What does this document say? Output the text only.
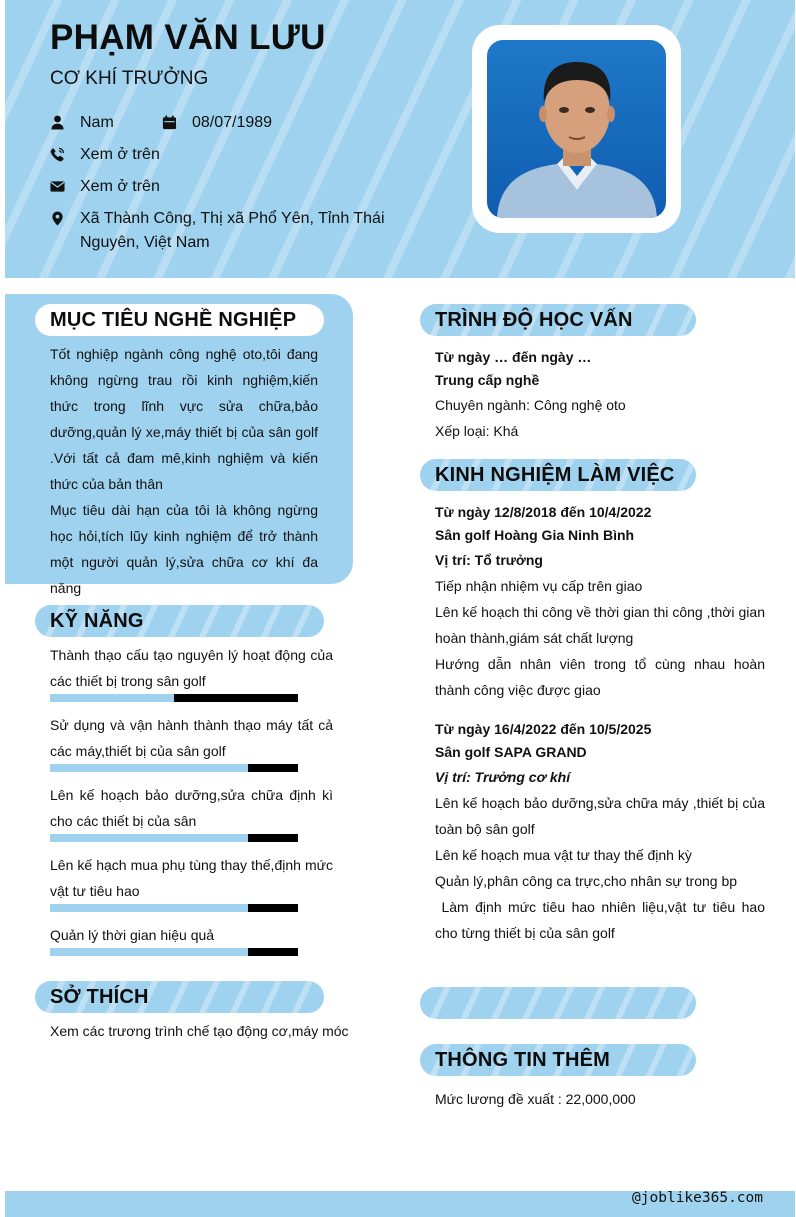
PHẠM VĂN LƯU
CƠ KHÍ TRƯỞNG
Nam	08/07/1989
Xem ở trên
Xem ở trên
Xã Thành Công, Thị xã Phổ Yên, Tỉnh Thái Nguyên, Việt Nam
MỤC TIÊU NGHỀ NGHIỆP
Tốt nghiệp ngành công nghệ oto,tôi đang không ngừng trau rồi kinh nghiệm,kiến thức trong lĩnh vực sửa chữa,bảo dưỡng,quản lý xe,máy thiết bị của sân golf .Với tất cả đam mê,kinh nghiệm và kiến thức của bản thân
Mục tiêu dài hạn của tôi là không ngừng học hỏi,tích lũy kinh nghiệm để trở thành một người quản lý,sửa chữa cơ khí đa năng
KỸ NĂNG
Thành thạo cấu tạo nguyên lý hoạt động của các thiết bị trong sân golf
Sử dụng và vận hành thành thạo máy tất cả các máy,thiết bị của sân golf
Lên kế hoạch bảo dưỡng,sửa chữa định kì cho các thiết bị của sân
Lên kế hạch mua phụ tùng thay thế,định mức vật tư tiêu hao
Quản lý thời gian hiệu quả
SỞ THÍCH
Xem các trương trình chế tạo động cơ,máy móc
TRÌNH ĐỘ HỌC VẤN
Từ ngày … đến ngày …
Trung cấp nghề
Chuyên ngành: Công nghệ oto
Xếp loại: Khá
KINH NGHIỆM LÀM VIỆC
Từ ngày 12/8/2018 đến 10/4/2022
Sân golf Hoàng Gia Ninh Bình
Vị trí: Tổ trưởng
Tiếp nhận nhiệm vụ cấp trên giao
Lên kế hoạch thi công về thời gian thi công ,thời gian hoàn thành,giám sát chất lượng
Hướng dẫn nhân viên trong tổ cùng nhau hoàn thành công việc được giao
Từ ngày 16/4/2022 đến 10/5/2025
Sân golf SAPA GRAND
Vị trí: Trưởng cơ khí
Lên kế hoạch bảo dưỡng,sửa chữa máy ,thiết bị của toàn bộ sân golf
Lên kế hoạch mua vật tư thay thế định kỳ
Quản lý,phân công ca trực,cho nhân sự trong bp
Làm định mức tiêu hao nhiên liệu,vật tư tiêu hao cho từng thiết bị của sân golf
THÔNG TIN THÊM
Mức lương đề xuất : 22,000,000
@joblike365.com
